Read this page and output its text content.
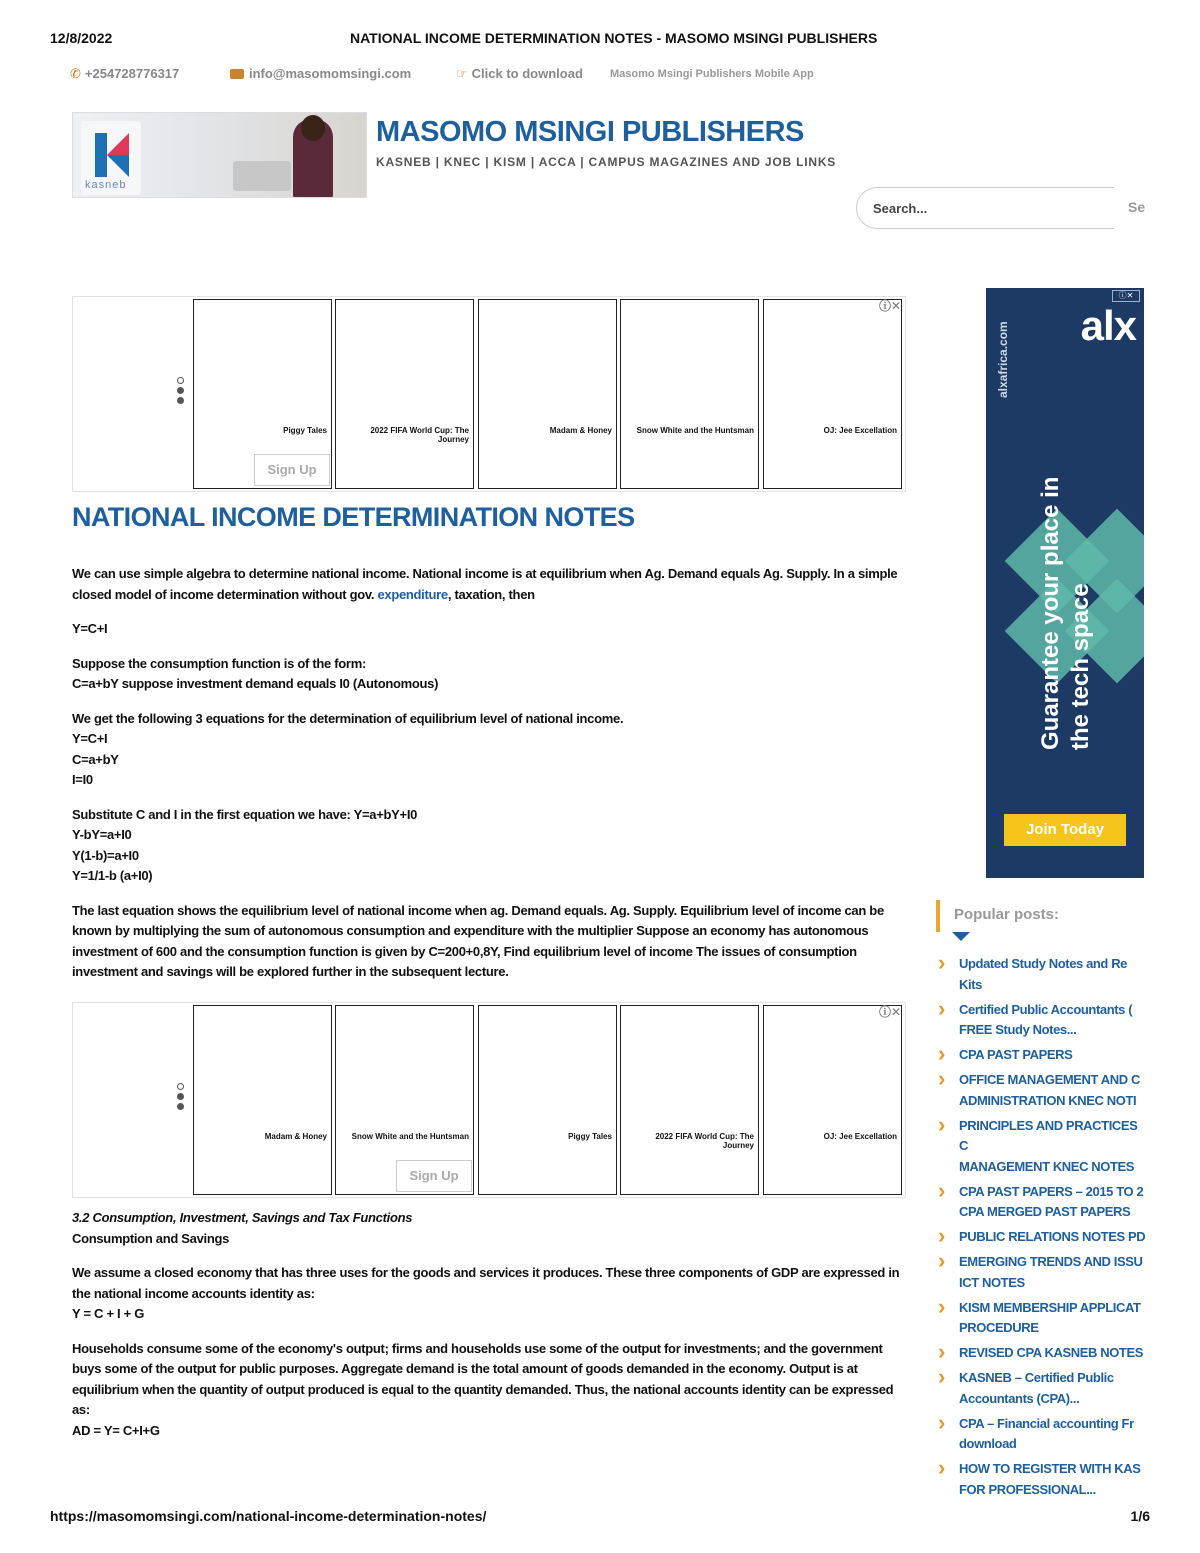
12/8/2022	NATIONAL INCOME DETERMINATION NOTES - MASOMO MSINGI PUBLISHERS
✆ +254728776317	info@masomomsingi.com	☞ Click to download Masomo Msingi Publishers Mobile App
kasneb
MASOMO MSINGI PUBLISHERS
KASNEB | KNEC | KISM | ACCA | CAMPUS MAGAZINES AND JOB LINKS
Search...
Se
Piggy Tales
Sign Up
2022 FIFA World Cup: The Journey
Madam & Honey	Snow White and the Huntsman	OJ: Jee Excellation
ⓘ✕
NATIONAL INCOME DETERMINATION NOTES

We can use simple algebra to determine national income. National income is at equilibrium when Ag. Demand equals Ag. Supply. In a simple closed model of income determination without gov. expenditure, taxation, then

Y=C+I

Suppose the consumption function is of the form:
C=a+bY suppose investment demand equals I0 (Autonomous)

We get the following 3 equations for the determination of equilibrium level of national income.
Y=C+I
C=a+bY
I=I0

Substitute C and I in the first equation we have: Y=a+bY+I0
Y-bY=a+I0
Y(1-b)=a+I0
Y=1/1-b (a+I0)

The last equation shows the equilibrium level of national income when ag. Demand equals. Ag. Supply. Equilibrium level of income can be known by multiplying the sum of autonomous consumption and expenditure with the multiplier Suppose an economy has autonomous investment of 600 and the consumption function is given by C=200+0,8Y, Find equilibrium level of income The issues of consumption investment and savings will be explored further in the subsequent lecture.

Madam & Honey	Snow White and the Huntsman
Sign Up
Piggy Tales	2022 FIFA World Cup: The Journey
OJ: Jee Excellation
ⓘ✕

3.2 Consumption, Investment, Savings and Tax Functions
Consumption and Savings

We assume a closed economy that has three uses for the goods and services it produces. These three components of GDP are expressed in the national income accounts identity as:
Y = C + I + G

Households consume some of the economy's output; firms and households use some of the output for investments; and the government buys some of the output for public purposes. Aggregate demand is the total amount of goods demanded in the economy. Output is at equilibrium when the quantity of output produced is equal to the quantity demanded. Thus, the national accounts identity can be expressed as:
AD = Y= C+I+G

ⓘ✕
alxafrica.com alx
Guarantee your place in the tech space
Join Today
Popular posts:
› Updated Study Notes and Re
Kits
› Certified Public Accountants (
FREE Study Notes...
› CPA PAST PAPERS
› OFFICE MANAGEMENT AND C
ADMINISTRATION KNEC NOTI
› PRINCIPLES AND PRACTICES C
MANAGEMENT KNEC NOTES
› CPA PAST PAPERS – 2015 TO 2
CPA MERGED PAST PAPERS
› PUBLIC RELATIONS NOTES PD
› EMERGING TRENDS AND ISSU
ICT NOTES
› KISM MEMBERSHIP APPLICAT
PROCEDURE
› REVISED CPA KASNEB NOTES
› KASNEB – Certified Public
Accountants (CPA)...
› CPA – Financial accounting Fr
download
› HOW TO REGISTER WITH KAS
FOR PROFESSIONAL...
https://masomomsingi.com/national-income-determination-notes/	1/6
